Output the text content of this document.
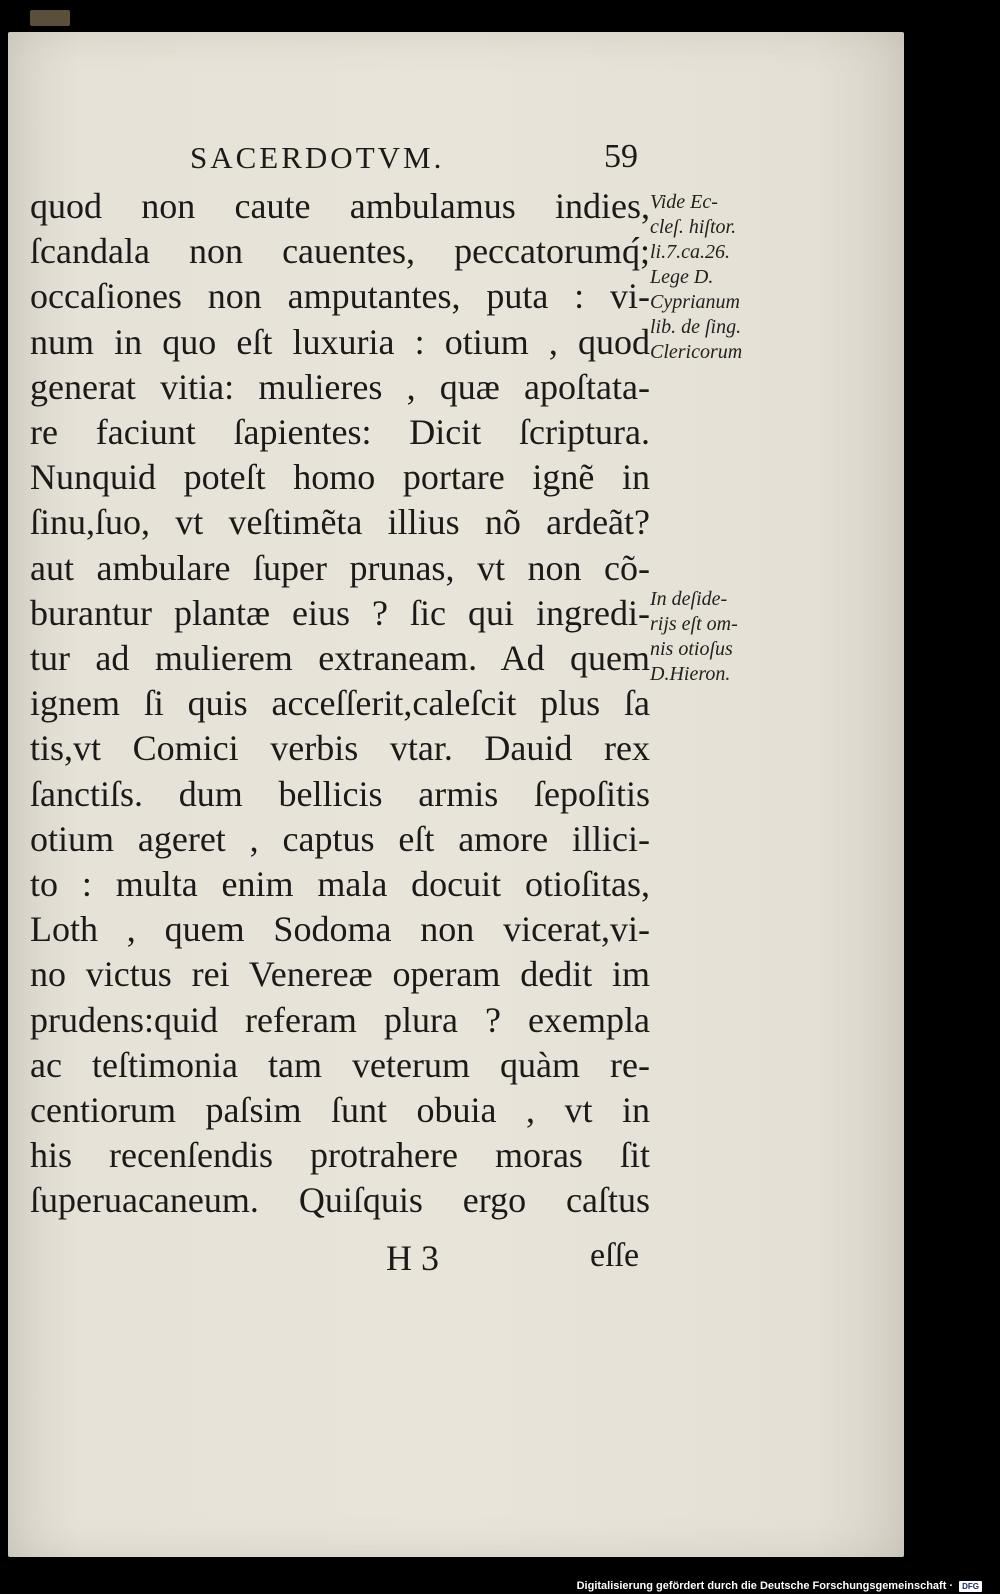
SACERDOTVM.	59
quod non caute ambulamus indies,
ſcandala non cauentes, peccatorumq́;
occaſiones non amputantes, puta : vi-
num in quo eſt luxuria : otium , quod
generat vitia: mulieres , quæ apoſtata-
re faciunt ſapientes: Dicit ſcriptura.
Nunquid poteſt homo portare ignẽ in
ſinu,ſuo, vt veſtimẽta illius nõ ardeãt?
aut ambulare ſuper prunas, vt non cõ-
burantur plantæ eius ? ſic qui ingredi-
tur ad mulierem extraneam. Ad quem
ignem ſi quis acceſſerit,caleſcit plus ſa
tis,vt Comici verbis vtar. Dauid rex
ſanctiſs. dum bellicis armis ſepoſitis
otium ageret , captus eſt amore illici-
to : multa enim mala docuit otioſitas,
Loth , quem Sodoma non vicerat,vi-
no victus rei Venereæ operam dedit im
prudens:quid referam plura ? exempla
ac teſtimonia tam veterum quàm re-
centiorum paſsim ſunt obuia , vt in
his recenſendis protrahere moras ſit
ſuperuacaneum. Quiſquis ergo caſtus
Vide Ec-
cleſ. hiſtor.
li.7.ca.26.
Lege D.
Cyprianum
lib. de ſing.
Clericorum
In deſide-
rijs eſt om-
nis otioſus
D.Hieron.
H 3	eſſe
Digitalisierung gefördert durch die Deutsche Forschungsgemeinschaft ·	DFG
